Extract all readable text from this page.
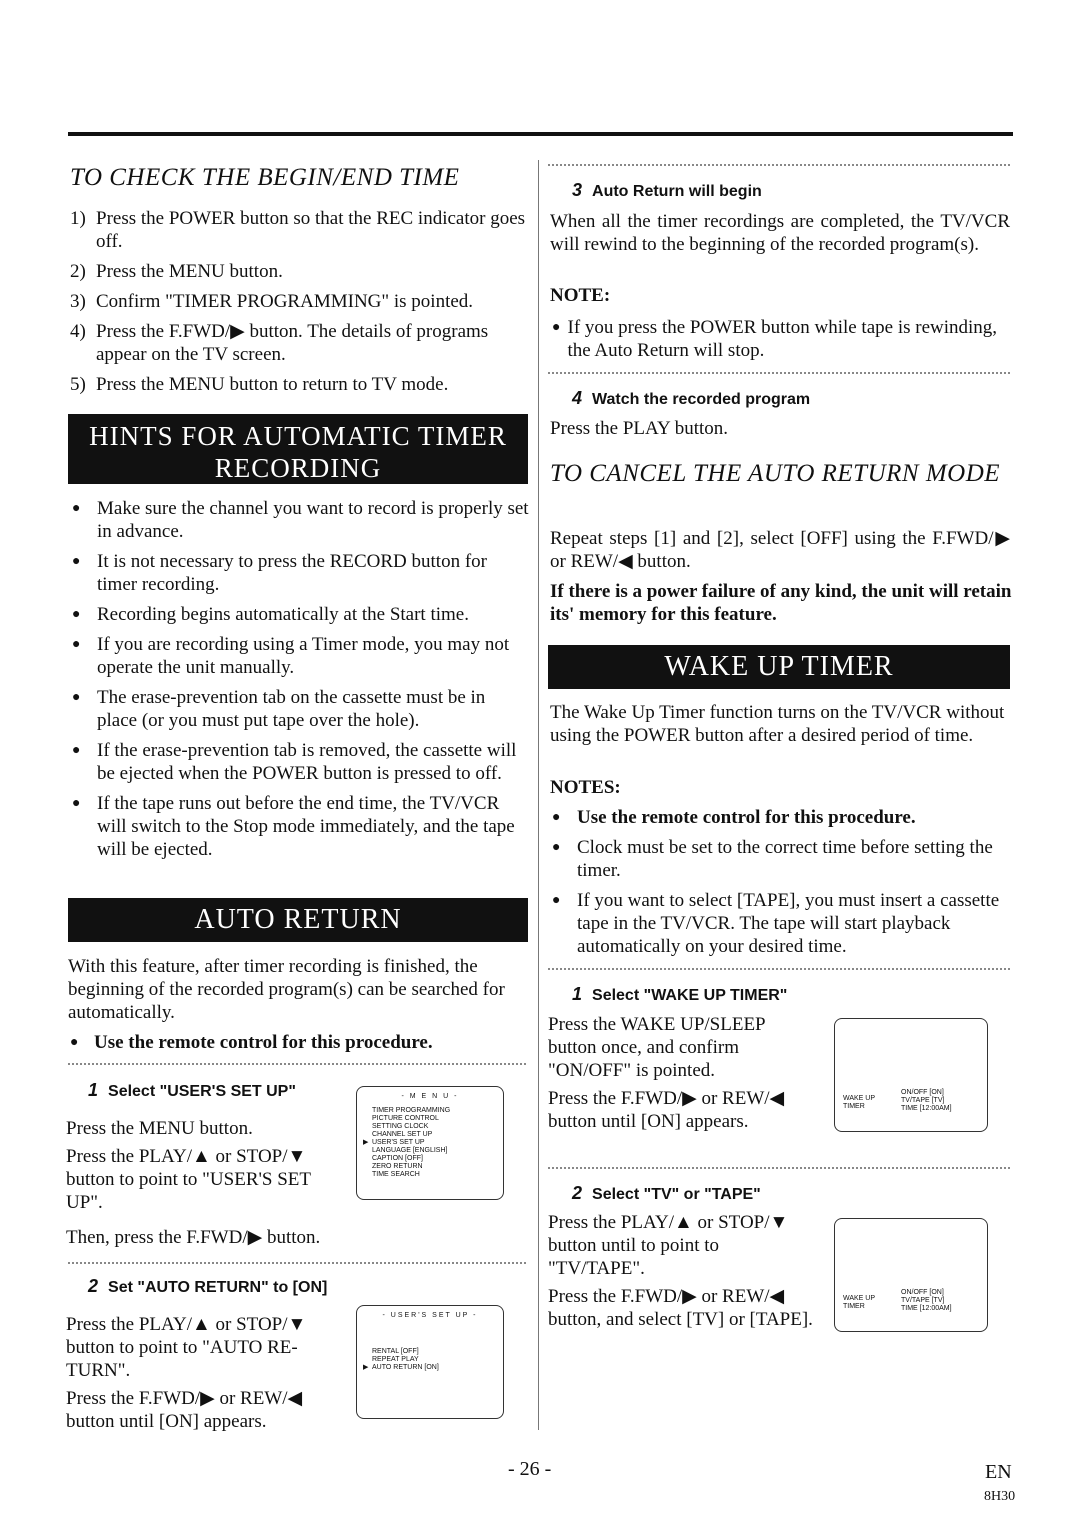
TO CHECK THE BEGIN/END TIME
1) Press the POWER button so that the REC indicator goes off.
2) Press the MENU button.
3) Confirm "TIMER PROGRAMMING" is pointed.
4) Press the F.FWD/▶ button. The details of programs appear on the TV screen.
5) Press the MENU button to return to TV mode.
HINTS FOR AUTOMATIC TIMER
RECORDING
● Make sure the channel you want to record is properly set in advance.
● It is not necessary to press the RECORD button for timer recording.
● Recording begins automatically at the Start time.
● If you are recording using a Timer mode, you may not operate the unit manually.
● The erase-prevention tab on the cassette must be in place (or you must put tape over the hole).
● If the erase-prevention tab is removed, the cassette will be ejected when the POWER button is pressed to off.
● If the tape runs out before the end time, the TV/VCR will switch to the Stop mode immediately, and the tape will be ejected.
AUTO RETURN
With this feature, after timer recording is finished, the beginning of the recorded program(s) can be searched for automatically.
● Use the remote control for this procedure.
1 Select "USER'S SET UP"
Press the MENU button.
Press the PLAY/▲ or STOP/▼ button to point to "USER'S SET UP".
Then, press the F.FWD/▶ button.
- M E N U -
TIMER PROGRAMMING
PICTURE CONTROL
SETTING CLOCK
CHANNEL SET UP
▶ USER'S SET UP
LANGUAGE [ENGLISH]
CAPTION [OFF]
ZERO RETURN
TIME SEARCH
2 Set "AUTO RETURN" to [ON]
Press the PLAY/▲ or STOP/▼ button to point to "AUTO RE-TURN".
Press the F.FWD/▶ or REW/◀ button until [ON] appears.
- USER'S SET UP -
RENTAL [OFF]
REPEAT PLAY
▶ AUTO RETURN [ON]
3 Auto Return will begin
When all the timer recordings are completed, the TV/VCR will rewind to the beginning of the recorded program(s).
NOTE:
● If you press the POWER button while tape is rewinding, the Auto Return will stop.
4 Watch the recorded program
Press the PLAY button.
TO CANCEL THE AUTO RETURN MODE
Repeat steps [1] and [2], select [OFF] using the F.FWD/▶ or REW/◀ button.
If there is a power failure of any kind, the unit will retain its' memory for this feature.
WAKE UP TIMER
The Wake Up Timer function turns on the TV/VCR without using the POWER button after a desired period of time.
NOTES:
● Use the remote control for this procedure.
● Clock must be set to the correct time before setting the timer.
● If you want to select [TAPE], you must insert a cassette tape in the TV/VCR. The tape will start playback automatically on your desired time.
1 Select "WAKE UP TIMER"
Press the WAKE UP/SLEEP button once, and confirm "ON/OFF" is pointed.
Press the F.FWD/▶ or REW/◀ button until [ON] appears.
WAKE UP TIMER
ON/OFF [ON]
TV/TAPE [TV]
TIME [12:00AM]
2 Select "TV" or "TAPE"
Press the PLAY/▲ or STOP/▼ button until to point to "TV/TAPE".
Press the F.FWD/▶ or REW/◀ button, and select [TV] or [TAPE].
WAKE UP TIMER
ON/OFF [ON]
TV/TAPE [TV]
TIME [12:00AM]
- 26 -	EN
8H30
